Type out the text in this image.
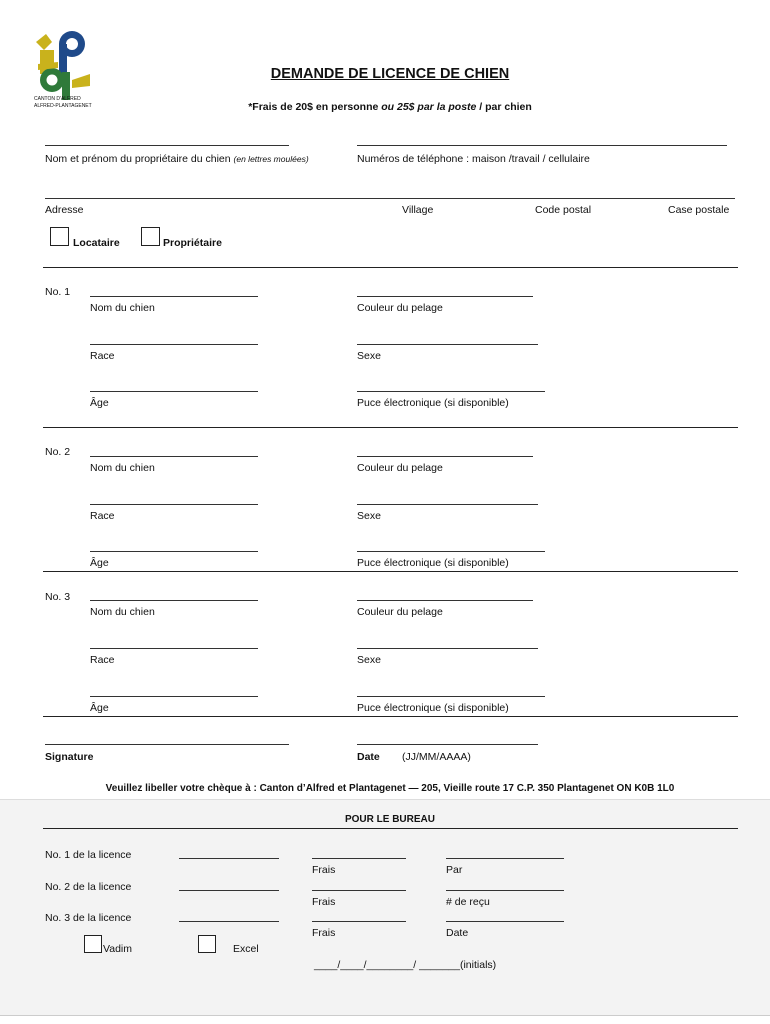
CANTON D'ALFRED
ALFRED-PLANTAGENET
DEMANDE DE LICENCE DE CHIEN
*Frais de 20$ en personne ou 25$ par la poste / par chien
Nom et prénom du propriétaire du chien (en lettres moulées)	Numéros de téléphone : maison /travail / cellulaire
Adresse	Village	Code postal	Case postale
Locataire	Propriétaire
No. 1
Nom du chien	Couleur du pelage
Race	Sexe
Âge	Puce électronique (si disponible)
No. 2
Nom du chien	Couleur du pelage
Race	Sexe
Âge	Puce électronique (si disponible)
No. 3
Nom du chien	Couleur du pelage
Race	Sexe
Âge	Puce électronique (si disponible)
Signature	Date (JJ/MM/AAAA)
Veuillez libeller votre chèque à : Canton d’Alfred et Plantagenet — 205, Vieille route 17 C.P. 350 Plantagenet ON K0B 1L0
POUR LE BUREAU
No. 1 de la licence
Frais	Par
No. 2 de la licence
Frais	# de reçu
No. 3 de la licence
Frais	Date
Vadim	Excel
____/____/________/ _______(initials)
